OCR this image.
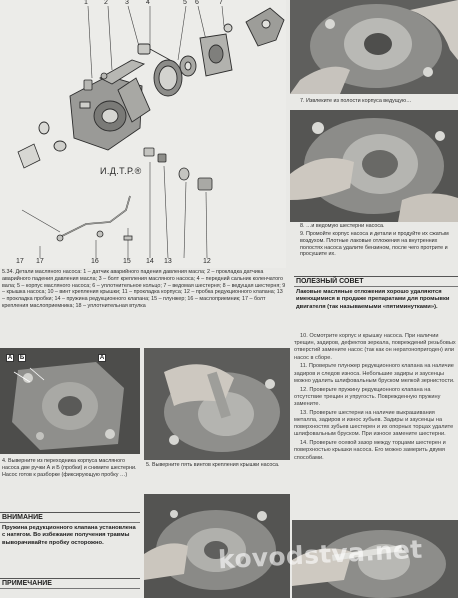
1 2 3 4	5 6	7
И.Д.Т.Р.®
17 17	16	15 14 13	12
5.34. Детали масляного насоса: 1 – датчик аварийного падения давления масла; 2 – прокладка датчика аварийного падения давления масла; 3 – болт крепления масляного насоса; 4 – передний сальник коленчатого вала; 5 – корпус масляного насоса; 6 – уплотнительное кольцо; 7 – ведомая шестерня; 8 – ведущая шестерня; 9 – крышка насоса; 10 – винт крепления крышки; 11 – прокладка корпуса; 12 – пробка редукционного клапана; 13 – прокладка пробки; 14 – пружина редукционного клапана; 15 – плунжер; 16 – маслоприемник; 17 – болт крепления маслоприемника; 18 – уплотнительная втулка
7. Извлеките из полости корпуса ведущую…
8. …и ведомую шестерни насоса.
9. Промойте корпус насоса и детали и продуйте их сжатым воздухом. Плотные лаковые отложения на внутренних полостях насоса удалите бензином, после чего протрите и просушите их.
ПОЛЕЗНЫЙ СОВЕТ
Лаковые масляные отложения хорошо удаляются имеющимися в продаже препаратами для промывки двигателя (так называемыми «пятиминутками»).

10. Осмотрите корпус и крышку насоса. При наличии трещин, задиров, дефектов зеркала, повреждений резьбовых отверстий замените насос (так как он нератонопригоден) или насос в сборе.

11. Проверьте плунжер редукционного клапана на наличие задиров и следов износа. Небольшие задиры и заусенцы можно удалить шлифовальным бруском мелкой зернистости.

12. Проверьте пружину редукционного клапана на отсутствие трещин и упругость. Поврежденную пружину замените.

13. Проверьте шестерни на наличие выкрашивания металла, задиров и износ зубьев. Задиры и заусенцы на поверхностях зубьев шестерен и их опорных торцах удалите шлифовальным бруском. При износе замените шестерни.

14. Проверьте осевой зазор между торцами шестерен и поверхностью крышки насоса. Его можно замерить двумя способами.

A	Б	A
4. Выверните из переходника корпуса масляного насоса две ручки А и Б (пробки) и снимите шестерни. Насос готов к разборке (фиксирующую пробку …)
5. Выверните пять винтов крепления крышки насоса.
ВНИМАНИЕ
Пружина редукционного клапана установлена с натягом. Во избежание получения травмы выворачивайте пробку осторожно.
ПРИМЕЧАНИЕ
kovodstva.net
